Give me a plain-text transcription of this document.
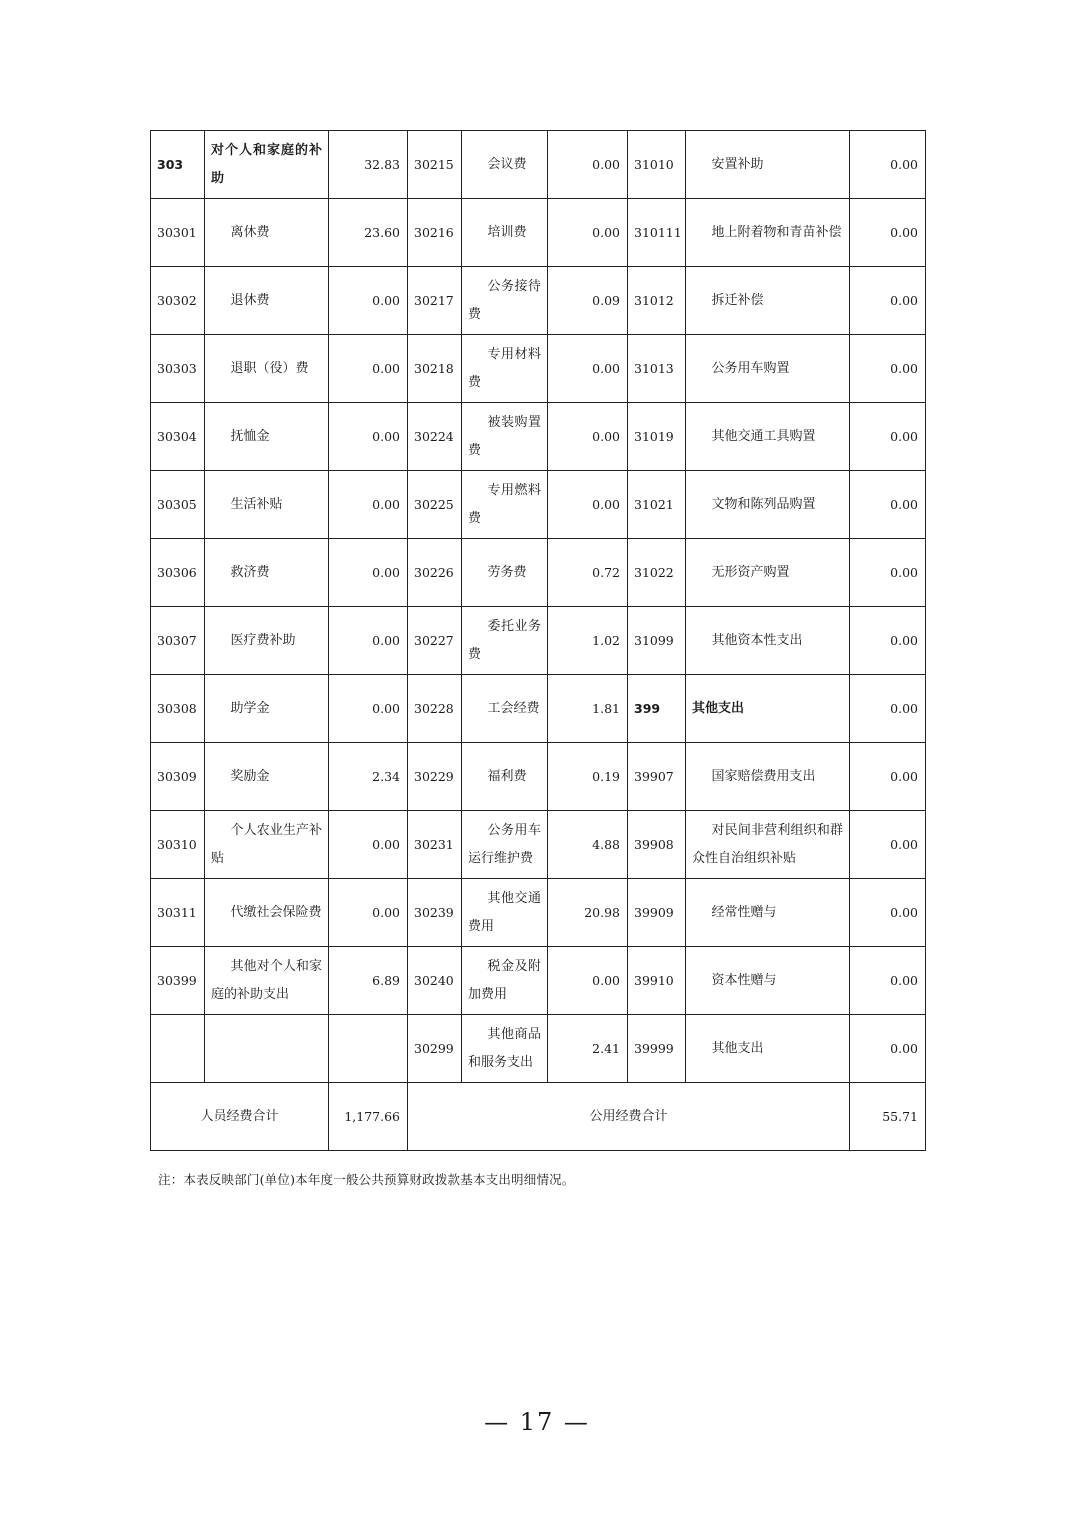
303	对个人和家庭的补助	32.83	30215	会议费	0.00	31010	安置补助	0.00
30301	离休费	23.60	30216	培训费	0.00	310111	地上附着物和青苗补偿	0.00
30302	退休费	0.00	30217	公务接待费	0.09	31012	拆迁补偿	0.00
30303	退职（役）费	0.00	30218	专用材料费	0.00	31013	公务用车购置	0.00
30304	抚恤金	0.00	30224	被装购置费	0.00	31019	其他交通工具购置	0.00
30305	生活补贴	0.00	30225	专用燃料费	0.00	31021	文物和陈列品购置	0.00
30306	救济费	0.00	30226	劳务费	0.72	31022	无形资产购置	0.00
30307	医疗费补助	0.00	30227	委托业务费	1.02	31099	其他资本性支出	0.00
30308	助学金	0.00	30228	工会经费	1.81	399	其他支出	0.00
30309	奖励金	2.34	30229	福利费	0.19	39907	国家赔偿费用支出	0.00
30310	个人农业生产补贴	0.00	30231	公务用车运行维护费	4.88	39908	对民间非营利组织和群众性自治组织补贴	0.00
30311	代缴社会保险费	0.00	30239	其他交通费用	20.98	39909	经常性赠与	0.00
30399	其他对个人和家庭的补助支出	6.89	30240	税金及附加费用	0.00	39910	资本性赠与	0.00
			30299	其他商品和服务支出	2.41	39999	其他支出	0.00
人员经费合计		1,177.66	公用经费合计					55.71
注：本表反映部门(单位)本年度一般公共预算财政拨款基本支出明细情况。
— 17 —
